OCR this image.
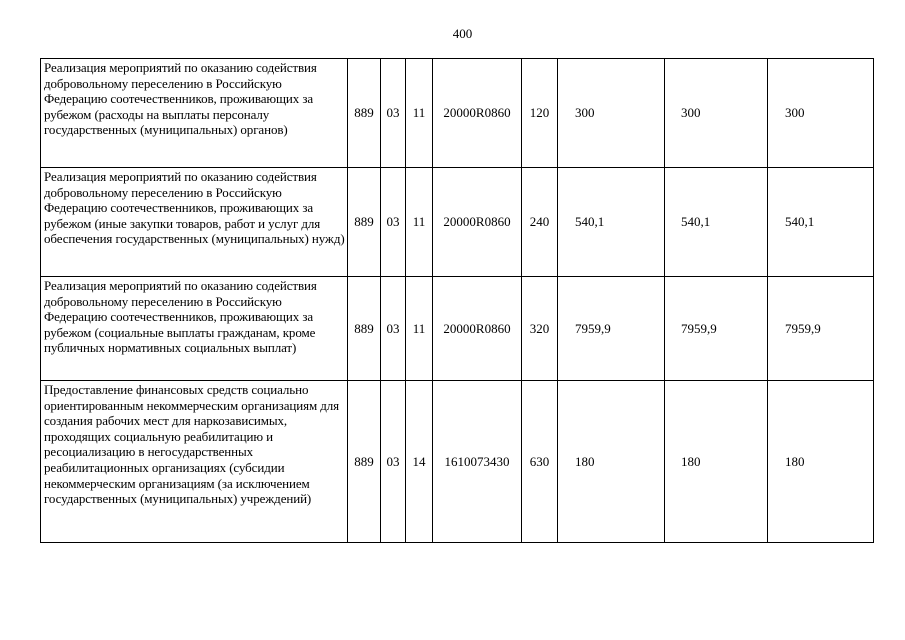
400
Реализация мероприятий по оказанию содействия добровольному переселению в Российскую Федерацию соотечественников, проживающих за рубежом (расходы на выплаты персоналу государственных (муниципальных) органов)	889	03	11	20000R0860	120	300	300	300
Реализация мероприятий по оказанию содействия добровольному переселению в Российскую Федерацию соотечественников, проживающих за рубежом (иные закупки товаров, работ и услуг для обеспечения государственных (муниципальных) нужд)	889	03	11	20000R0860	240	540,1	540,1	540,1
Реализация мероприятий по оказанию содействия добровольному переселению в Российскую Федерацию соотечественников, проживающих за рубежом (социальные выплаты гражданам, кроме публичных нормативных социальных выплат)	889	03	11	20000R0860	320	7959,9	7959,9	7959,9
Предоставление финансовых средств социально ориентированным некоммерческим организациям для создания рабочих мест для наркозависимых, проходящих социальную реабилитацию и ресоциализацию в негосударственных реабилитационных организациях (субсидии некоммерческим организациям (за исключением государственных (муниципальных) учреждений)	889	03	14	1610073430	630	180	180	180
